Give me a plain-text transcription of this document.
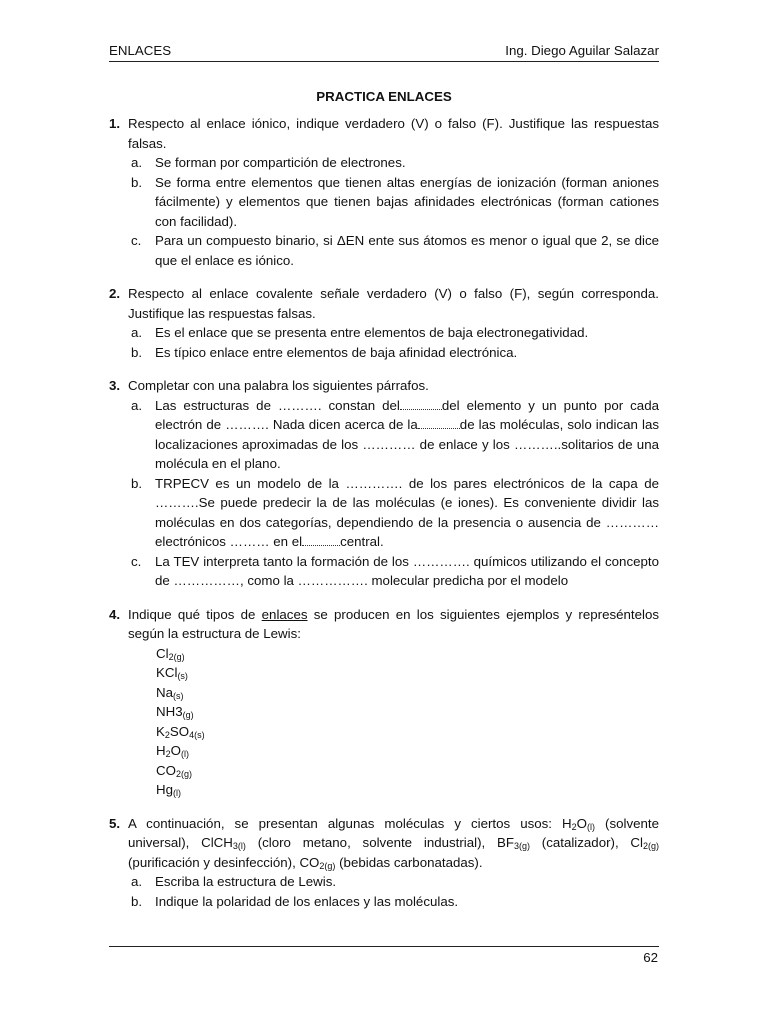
ENLACES	Ing. Diego Aguilar Salazar
PRACTICA ENLACES
1. Respecto al enlace iónico, indique verdadero (V) o falso (F). Justifique las respuestas falsas.
a. Se forman por compartición de electrones.
b. Se forma entre elementos que tienen altas energías de ionización (forman aniones fácilmente) y elementos que tienen bajas afinidades electrónicas (forman cationes con facilidad).
c. Para un compuesto binario, si ΔEN ente sus átomos es menor o igual que 2, se dice que el enlace es iónico.
2. Respecto al enlace covalente señale verdadero (V) o falso (F), según corresponda. Justifique las respuestas falsas.
a. Es el enlace que se presenta entre elementos de baja electronegatividad.
b. Es típico enlace entre elementos de baja afinidad electrónica.
3. Completar con una palabra los siguientes párrafos.
a. Las estructuras de ………. constan del	del elemento y un punto por cada electrón de ………. Nada dicen acerca de la	de las moléculas, solo indican las localizaciones aproximadas de los ………… de enlace y los ………..solitarios de una molécula en el plano.
b. TRPECV es un modelo de la …………. de los pares electrónicos de la capa de ……….Se puede predecir la de las moléculas (e iones). Es conveniente dividir las moléculas en dos categorías, dependiendo de la presencia o ausencia de …………electrónicos ……… en el	central.
c. La TEV interpreta tanto la formación de los …………. químicos utilizando el concepto de ……………, como la ……………. molecular predicha por el modelo
4. Indique qué tipos de enlaces se producen en los siguientes ejemplos y represéntelos según la estructura de Lewis:
$Cl_{2(g)}$
KCl$_{(s)}$
$Na_{(s)}$
$NH3_{(g)}$
$K_2SO_{4(s)}$
$H_2O_{(l)}$
$CO_{2(g)}$
$Hg_{(l)}$
5. A continuación, se presentan algunas moléculas y ciertos usos: $H_2O_{(l)}$ (solvente universal), ClCH$_{3(l)}$ (cloro metano, solvente industrial), $BF_{3(g)}$ (catalizador), $Cl_{2(g)}$ (purificación y desinfección), $CO_{2(g)}$ (bebidas carbonatadas).
a. Escriba la estructura de Lewis.
b. Indique la polaridad de los enlaces y las moléculas.
62
